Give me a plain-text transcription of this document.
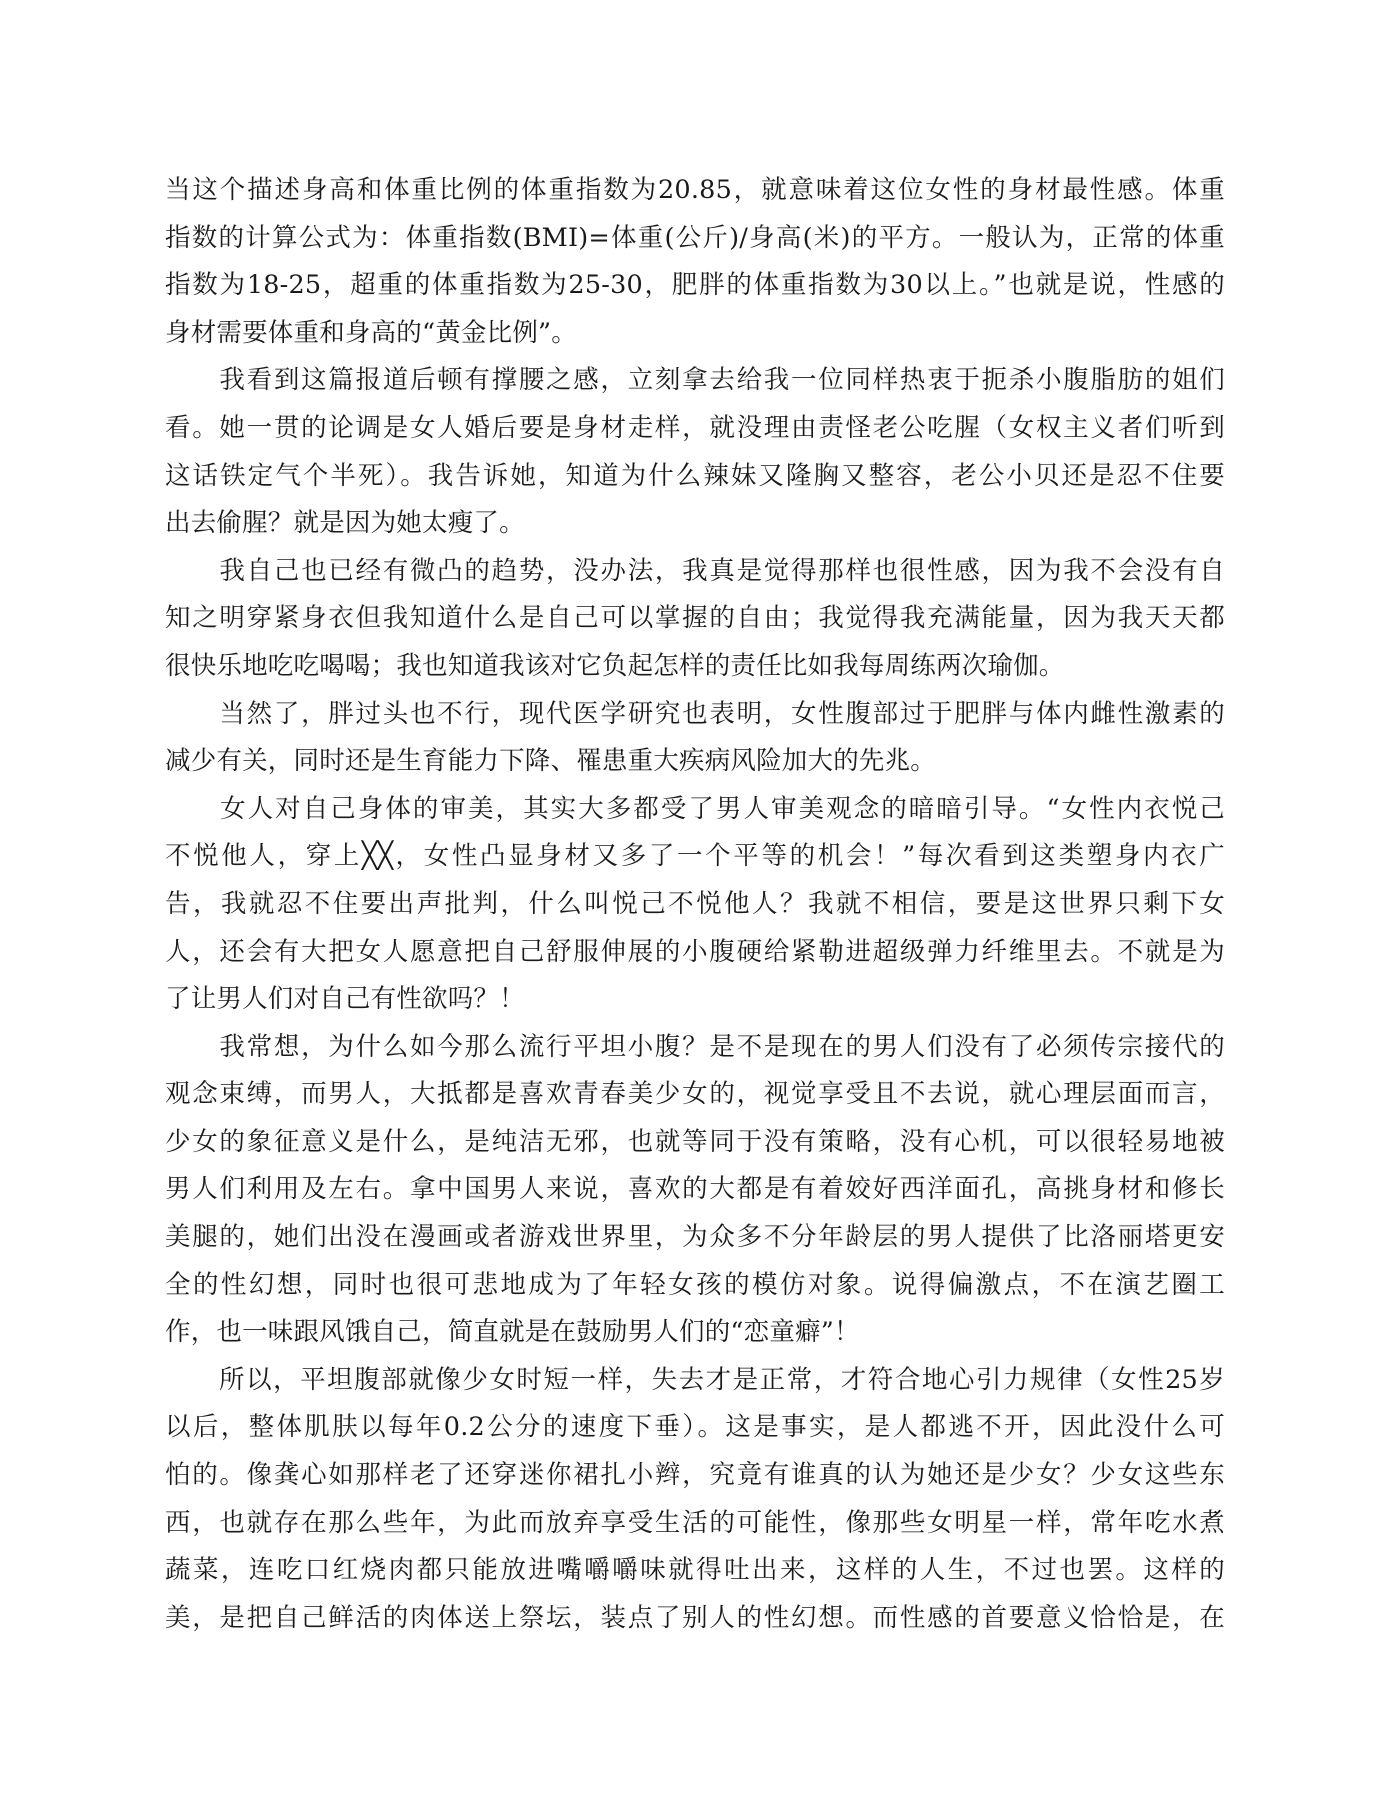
当这个描述身高和体重比例的体重指数为20.85，就意味着这位女性的身材最性感。体重
指数的计算公式为：体重指数(BMI)=体重(公斤)/身高(米)的平方。一般认为，正常的体重
指数为18-25，超重的体重指数为25-30，肥胖的体重指数为30以上。”也就是说，性感的
身材需要体重和身高的“黄金比例”。
　　我看到这篇报道后顿有撑腰之感，立刻拿去给我一位同样热衷于扼杀小腹脂肪的姐们
看。她一贯的论调是女人婚后要是身材走样，就没理由责怪老公吃腥（女权主义者们听到
这话铁定气个半死）。我告诉她，知道为什么辣妹又隆胸又整容，老公小贝还是忍不住要
出去偷腥？就是因为她太瘦了。
　　我自己也已经有微凸的趋势，没办法，我真是觉得那样也很性感，因为我不会没有自
知之明穿紧身衣但我知道什么是自己可以掌握的自由；我觉得我充满能量，因为我天天都
很快乐地吃吃喝喝；我也知道我该对它负起怎样的责任比如我每周练两次瑜伽。
　　当然了，胖过头也不行，现代医学研究也表明，女性腹部过于肥胖与体内雌性激素的
减少有关，同时还是生育能力下降、罹患重大疾病风险加大的先兆。
　　女人对自己身体的审美，其实大多都受了男人审美观念的暗暗引导。“女性内衣悦己
不悦他人，穿上╳╳，女性凸显身材又多了一个平等的机会！”每次看到这类塑身内衣广
告，我就忍不住要出声批判，什么叫悦己不悦他人？我就不相信，要是这世界只剩下女
人，还会有大把女人愿意把自己舒服伸展的小腹硬给紧勒进超级弹力纤维里去。不就是为
了让男人们对自己有性欲吗？！
　　我常想，为什么如今那么流行平坦小腹？是不是现在的男人们没有了必须传宗接代的
观念束缚，而男人，大抵都是喜欢青春美少女的，视觉享受且不去说，就心理层面而言，
少女的象征意义是什么，是纯洁无邪，也就等同于没有策略，没有心机，可以很轻易地被
男人们利用及左右。拿中国男人来说，喜欢的大都是有着姣好西洋面孔，高挑身材和修长
美腿的，她们出没在漫画或者游戏世界里，为众多不分年龄层的男人提供了比洛丽塔更安
全的性幻想，同时也很可悲地成为了年轻女孩的模仿对象。说得偏激点，不在演艺圈工
作，也一味跟风饿自己，简直就是在鼓励男人们的“恋童癖”！
　　所以，平坦腹部就像少女时短一样，失去才是正常，才符合地心引力规律（女性25岁
以后，整体肌肤以每年0.2公分的速度下垂）。这是事实，是人都逃不开，因此没什么可
怕的。像龚心如那样老了还穿迷你裙扎小辫，究竟有谁真的认为她还是少女？少女这些东
西，也就存在那么些年，为此而放弃享受生活的可能性，像那些女明星一样，常年吃水煮
蔬菜，连吃口红烧肉都只能放进嘴嚼嚼味就得吐出来，这样的人生，不过也罢。这样的
美，是把自己鲜活的肉体送上祭坛，装点了别人的性幻想。而性感的首要意义恰恰是，在
